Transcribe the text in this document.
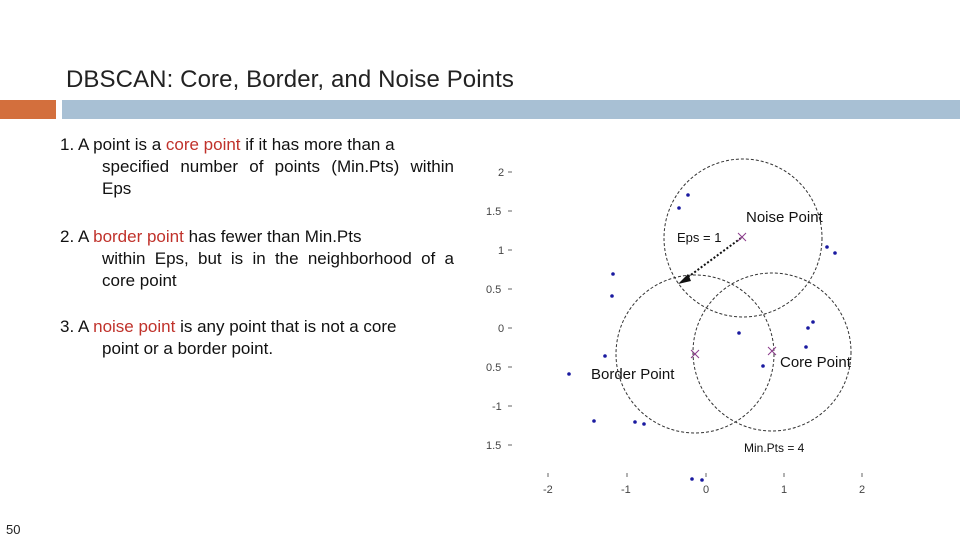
DBSCAN: Core, Border, and Noise Points
1. A point is a core point if it has more than a
specified number of points (Min.Pts) within Eps
2. A border point has fewer than Min.Pts
within Eps, but is in the neighborhood of a core point
3. A noise point is any point that is not a core
point or a border point.
2
1.5
1
0.5
0
0.5
-1
1.5
-2	-1	0	1	2
Noise Point
Eps = 1
Border Point
Core Point
Min.Pts = 4
50
